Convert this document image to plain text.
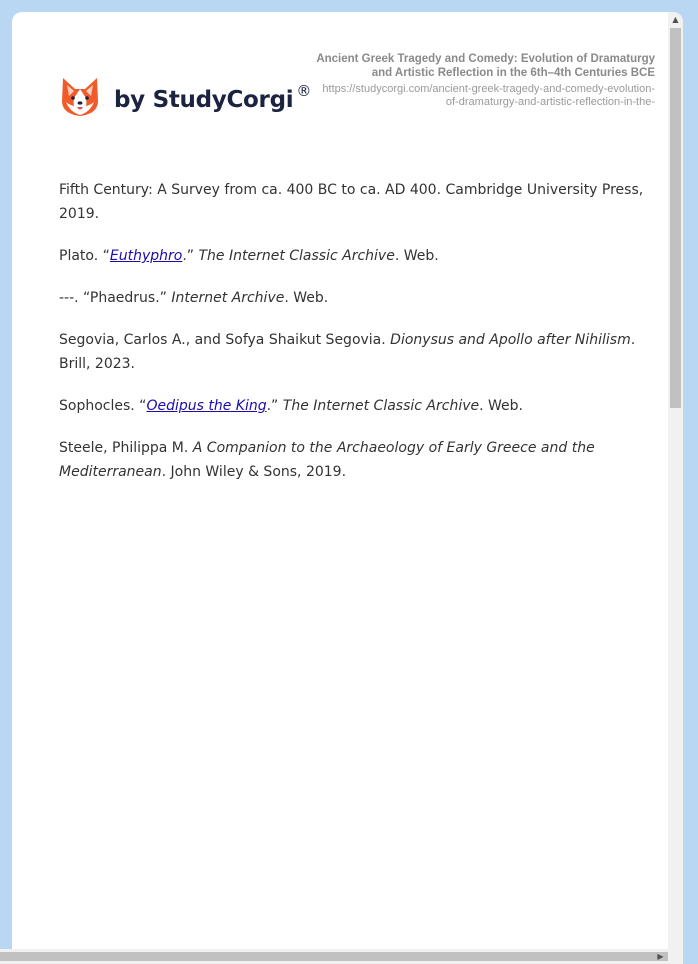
by StudyCorgi ®
Ancient Greek Tragedy and Comedy: Evolution of Dramaturgy and Artistic Reflection in the 6th–4th Centuries BCE
https://studycorgi.com/ancient-greek-tragedy-and-comedy-evolution-of-dramaturgy-and-artistic-reflection-in-the-

Fifth Century: A Survey from ca. 400 BC to ca. AD 400. Cambridge University Press, 2019.

Plato. “Euthyphro.” The Internet Classic Archive. Web.

---. “Phaedrus.” Internet Archive. Web.

Segovia, Carlos A., and Sofya Shaikut Segovia. Dionysus and Apollo after Nihilism. Brill, 2023.

Sophocles. “Oedipus the King.” The Internet Classic Archive. Web.

Steele, Philippa M. A Companion to the Archaeology of Early Greece and the Mediterranean. John Wiley & Sons, 2019.

▲
▶
